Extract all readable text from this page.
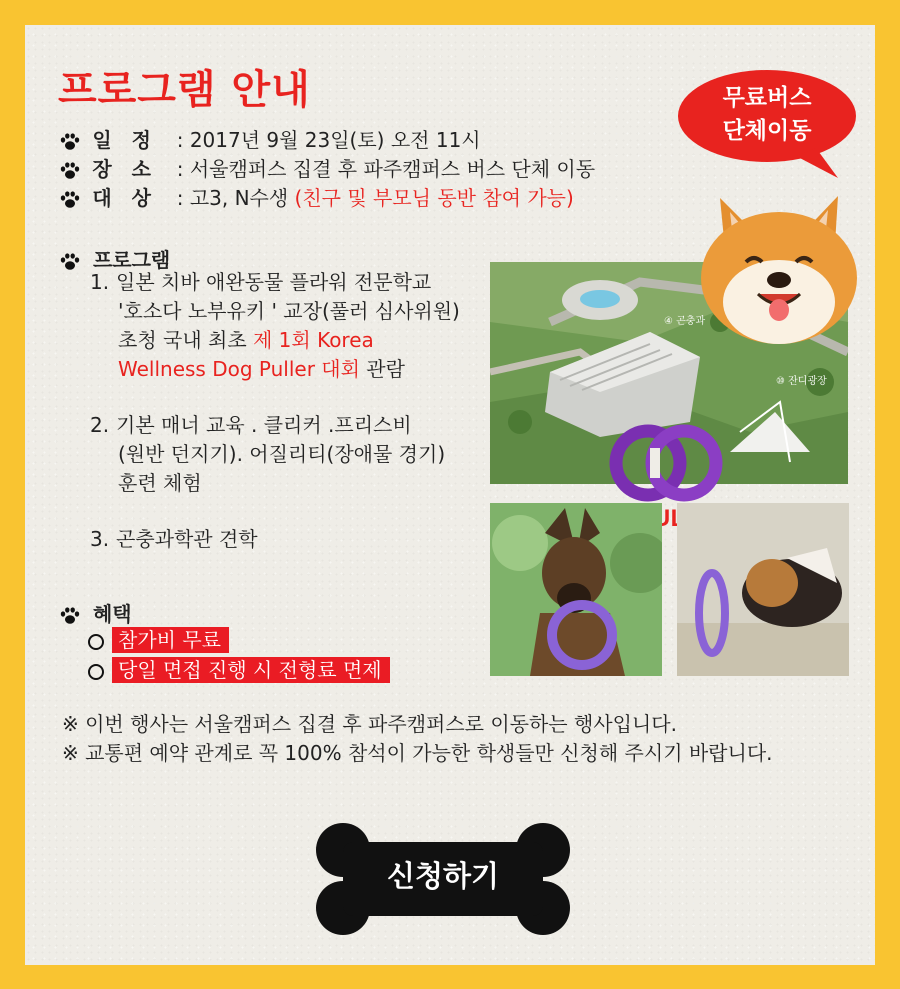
프로그램 안내
일　정 : 2017년 9월 23일(토) 오전 11시
장　소 : 서울캠퍼스 집결 후 파주캠퍼스 버스 단체 이동
대　상 : 고3, N수생 (친구 및 부모님 동반 참여 가능)
프로그램
1. 일본 치바 애완동물 플라워 전문학교
'호소다 노부유키 ' 교장(풀러 심사위원)
초청 국내 최초 제 1회 Korea
Wellness Dog Puller 대회 관람
2. 기본 매너 교육 . 클리커 .프리스비
(원반 던지기). 어질리티(장애물 경기)
훈련 체험
3. 곤충과학관 견학
혜택
참가비 무료
당일 면접 진행 시 전형료 면제
※ 이번 행사는 서울캠퍼스 집결 후 파주캠퍼스로 이동하는 행사입니다.
※ 교통편 예약 관계로 꼭 100% 참석이 가능한 학생들만 신청해 주시기 바랍니다.
④ 곤충과
⑩ 잔디광장
무료버스
단체이동
신청하기
